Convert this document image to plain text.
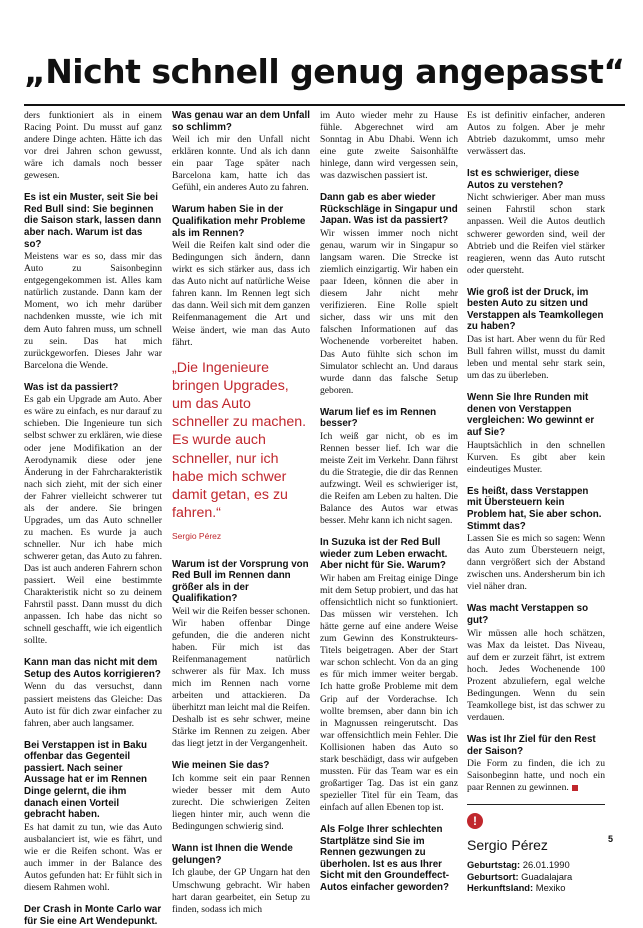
„Nicht schnell genug angepasst“
ders funktioniert als in einem Racing Point. Du musst auf ganz andere Dinge achten. Hätte ich das vor drei Jahren schon gewusst, wäre ich damals noch besser gewesen.
Es ist ein Muster, seit Sie bei Red Bull sind: Sie beginnen die Saison stark, lassen dann aber nach. Warum ist das so?
Meistens war es so, dass mir das Auto zu Saisonbeginn entgegengekommen ist. Alles kam natürlich zustande. Dann kam der Moment, wo ich mehr darüber nachdenken musste, wie ich mit dem Auto fahren muss, um schnell zu sein. Das hat mich zurückgeworfen. Dieses Jahr war Barcelona die Wende.
Was ist da passiert?
Es gab ein Upgrade am Auto. Aber es wäre zu einfach, es nur darauf zu schieben. Die Ingenieure tun sich selbst schwer zu erklären, wie diese oder jene Modifikation an der Aerodynamik diese oder jene Änderung in der Fahrcharakteristik nach sich zieht, mit der sich einer der Fahrer vielleicht schwerer tut als der andere. Sie bringen Upgrades, um das Auto schneller zu machen. Es wurde ja auch schneller. Nur ich habe mich schwerer getan, das Auto zu fahren. Das ist auch anderen Fahrern schon passiert. Weil eine bestimmte Charakteristik nicht so zu deinem Fahrstil passt. Dann musst du dich anpassen. Ich habe das nicht so schnell geschafft, wie ich eigentlich sollte.
Kann man das nicht mit dem Setup des Autos korrigieren?
Wenn du das versuchst, dann passiert meistens das Gleiche: Das Auto ist für dich zwar einfacher zu fahren, aber auch langsamer.
Bei Verstappen ist in Baku offenbar das Gegenteil passiert. Nach seiner Aussage hat er im Rennen Dinge gelernt, die ihm danach einen Vorteil gebracht haben.
Es hat damit zu tun, wie das Auto ausbalanciert ist, wie es fährt, und wie er die Reifen schont. Was er auch immer in der Balance des Autos gefunden hat: Er fühlt sich in diesem Rahmen wohl.
Der Crash in Monte Carlo war für Sie eine Art Wendepunkt.
Was genau war an dem Unfall so schlimm?
Weil ich mir den Unfall nicht erklären konnte. Und als ich dann ein paar Tage später nach Barcelona kam, hatte ich das Gefühl, ein anderes Auto zu fahren.
Warum haben Sie in der Qualifikation mehr Probleme als im Rennen?
Weil die Reifen kalt sind oder die Bedingungen sich ändern, dann wirkt es sich stärker aus, dass ich das Auto nicht auf natürliche Weise fahren kann. Im Rennen legt sich das dann. Weil sich mit dem ganzen Reifenmanagement die Art und Weise ändert, wie man das Auto fährt.
„Die Ingenieure bringen Upgrades, um das Auto schneller zu machen. Es wurde auch schneller, nur ich habe mich schwer damit getan, es zu fahren.“
Sergio Pérez
Warum ist der Vorsprung von Red Bull im Rennen dann größer als in der Qualifikation?
Weil wir die Reifen besser schonen. Wir haben offenbar Dinge gefunden, die die anderen nicht haben. Für mich ist das Reifenmanagement natürlich schwerer als für Max. Ich muss mich im Rennen nach vorne arbeiten und attackieren. Da überhitzt man leicht mal die Reifen. Deshalb ist es sehr schwer, meine Stärke im Rennen zu zeigen. Aber das liegt jetzt in der Vergangenheit.
Wie meinen Sie das?
Ich komme seit ein paar Rennen wieder besser mit dem Auto zurecht. Die schwierigen Zeiten liegen hinter mir, auch wenn die Bedingungen schwierig sind.
Wann ist Ihnen die Wende gelungen?
Ich glaube, der GP Ungarn hat den Umschwung gebracht. Wir haben hart daran gearbeitet, ein Setup zu finden, sodass ich mich
im Auto wieder mehr zu Hause fühle. Abgerechnet wird am Sonntag in Abu Dhabi. Wenn ich eine gute zweite Saisonhälfte hinlege, dann wird vergessen sein, was dazwischen passiert ist.
Dann gab es aber wieder Rückschläge in Singapur und Japan. Was ist da passiert?
Wir wissen immer noch nicht genau, warum wir in Singapur so langsam waren. Die Strecke ist ziemlich einzigartig. Wir haben ein paar Ideen, können die aber in diesem Jahr nicht mehr verifizieren. Eine Rolle spielt sicher, dass wir uns mit den falschen Informationen auf das Wochenende vorbereitet haben. Das Auto fühlte sich schon im Simulator schlecht an. Und daraus wurde dann das falsche Setup geboren.
Warum lief es im Rennen besser?
Ich weiß gar nicht, ob es im Rennen besser lief. Ich war die meiste Zeit im Verkehr. Dann fährst du die Strategie, die dir das Rennen aufzwingt. Weil es schwieriger ist, die Reifen am Leben zu halten. Die Balance des Autos war etwas besser. Mehr kann ich nicht sagen.
In Suzuka ist der Red Bull wieder zum Leben erwacht. Aber nicht für Sie. Warum?
Wir haben am Freitag einige Dinge mit dem Setup probiert, und das hat offensichtlich nicht so funktioniert. Das müssen wir verstehen. Ich hätte gerne auf eine andere Weise zum Gewinn des Konstrukteurs-Titels beigetragen. Aber der Start war schon schlecht. Von da an ging es für mich immer weiter bergab. Ich hatte große Probleme mit dem Grip auf der Vorderachse. Ich wollte bremsen, aber dann bin ich in Magnussen reingerutscht. Das war offensichtlich mein Fehler. Die Kollisionen haben das Auto so stark beschädigt, dass wir aufgeben mussten. Für das Team war es ein großartiger Tag. Das ist ein ganz spezieller Titel für ein Team, das einfach auf allen Ebenen top ist.
Als Folge Ihrer schlechten Startplätze sind Sie im Rennen gezwungen zu überholen. Ist es aus Ihrer Sicht mit den Groundeffect-Autos einfacher geworden?
Es ist definitiv einfacher, anderen Autos zu folgen. Aber je mehr Abtrieb dazukommt, umso mehr verwässert das.
Ist es schwieriger, diese Autos zu verstehen?
Nicht schwieriger. Aber man muss seinen Fahrstil schon stark anpassen. Weil die Autos deutlich schwerer geworden sind, weil der Abtrieb und die Reifen viel stärker reagieren, wenn das Auto rutscht oder quersteht.
Wie groß ist der Druck, im besten Auto zu sitzen und Verstappen als Teamkollegen zu haben?
Das ist hart. Aber wenn du für Red Bull fahren willst, musst du damit leben und mental sehr stark sein, um das zu überleben.
Wenn Sie Ihre Runden mit denen von Verstappen vergleichen: Wo gewinnt er auf Sie?
Hauptsächlich in den schnellen Kurven. Es gibt aber kein eindeutiges Muster.
Es heißt, dass Verstappen mit Übersteuern kein Problem hat, Sie aber schon. Stimmt das?
Lassen Sie es mich so sagen: Wenn das Auto zum Übersteuern neigt, dann vergrößert sich der Abstand zwischen uns. Andersherum bin ich viel näher dran.
Was macht Verstappen so gut?
Wir müssen alle hoch schätzen, was Max da leistet. Das Niveau, auf dem er zurzeit fährt, ist extrem hoch. Jedes Wochenende 100 Prozent abzuliefern, egal welche Bedingungen. Wenn du sein Teamkollege bist, ist das schwer zu verdauen.
Was ist Ihr Ziel für den Rest der Saison?
Die Form zu finden, die ich zu Saisonbeginn hatte, und noch ein paar Rennen zu gewinnen.
!
Sergio Pérez
Geburtstag: 26.01.1990
Geburtsort: Guadalajara
Herkunftsland: Mexiko
5
